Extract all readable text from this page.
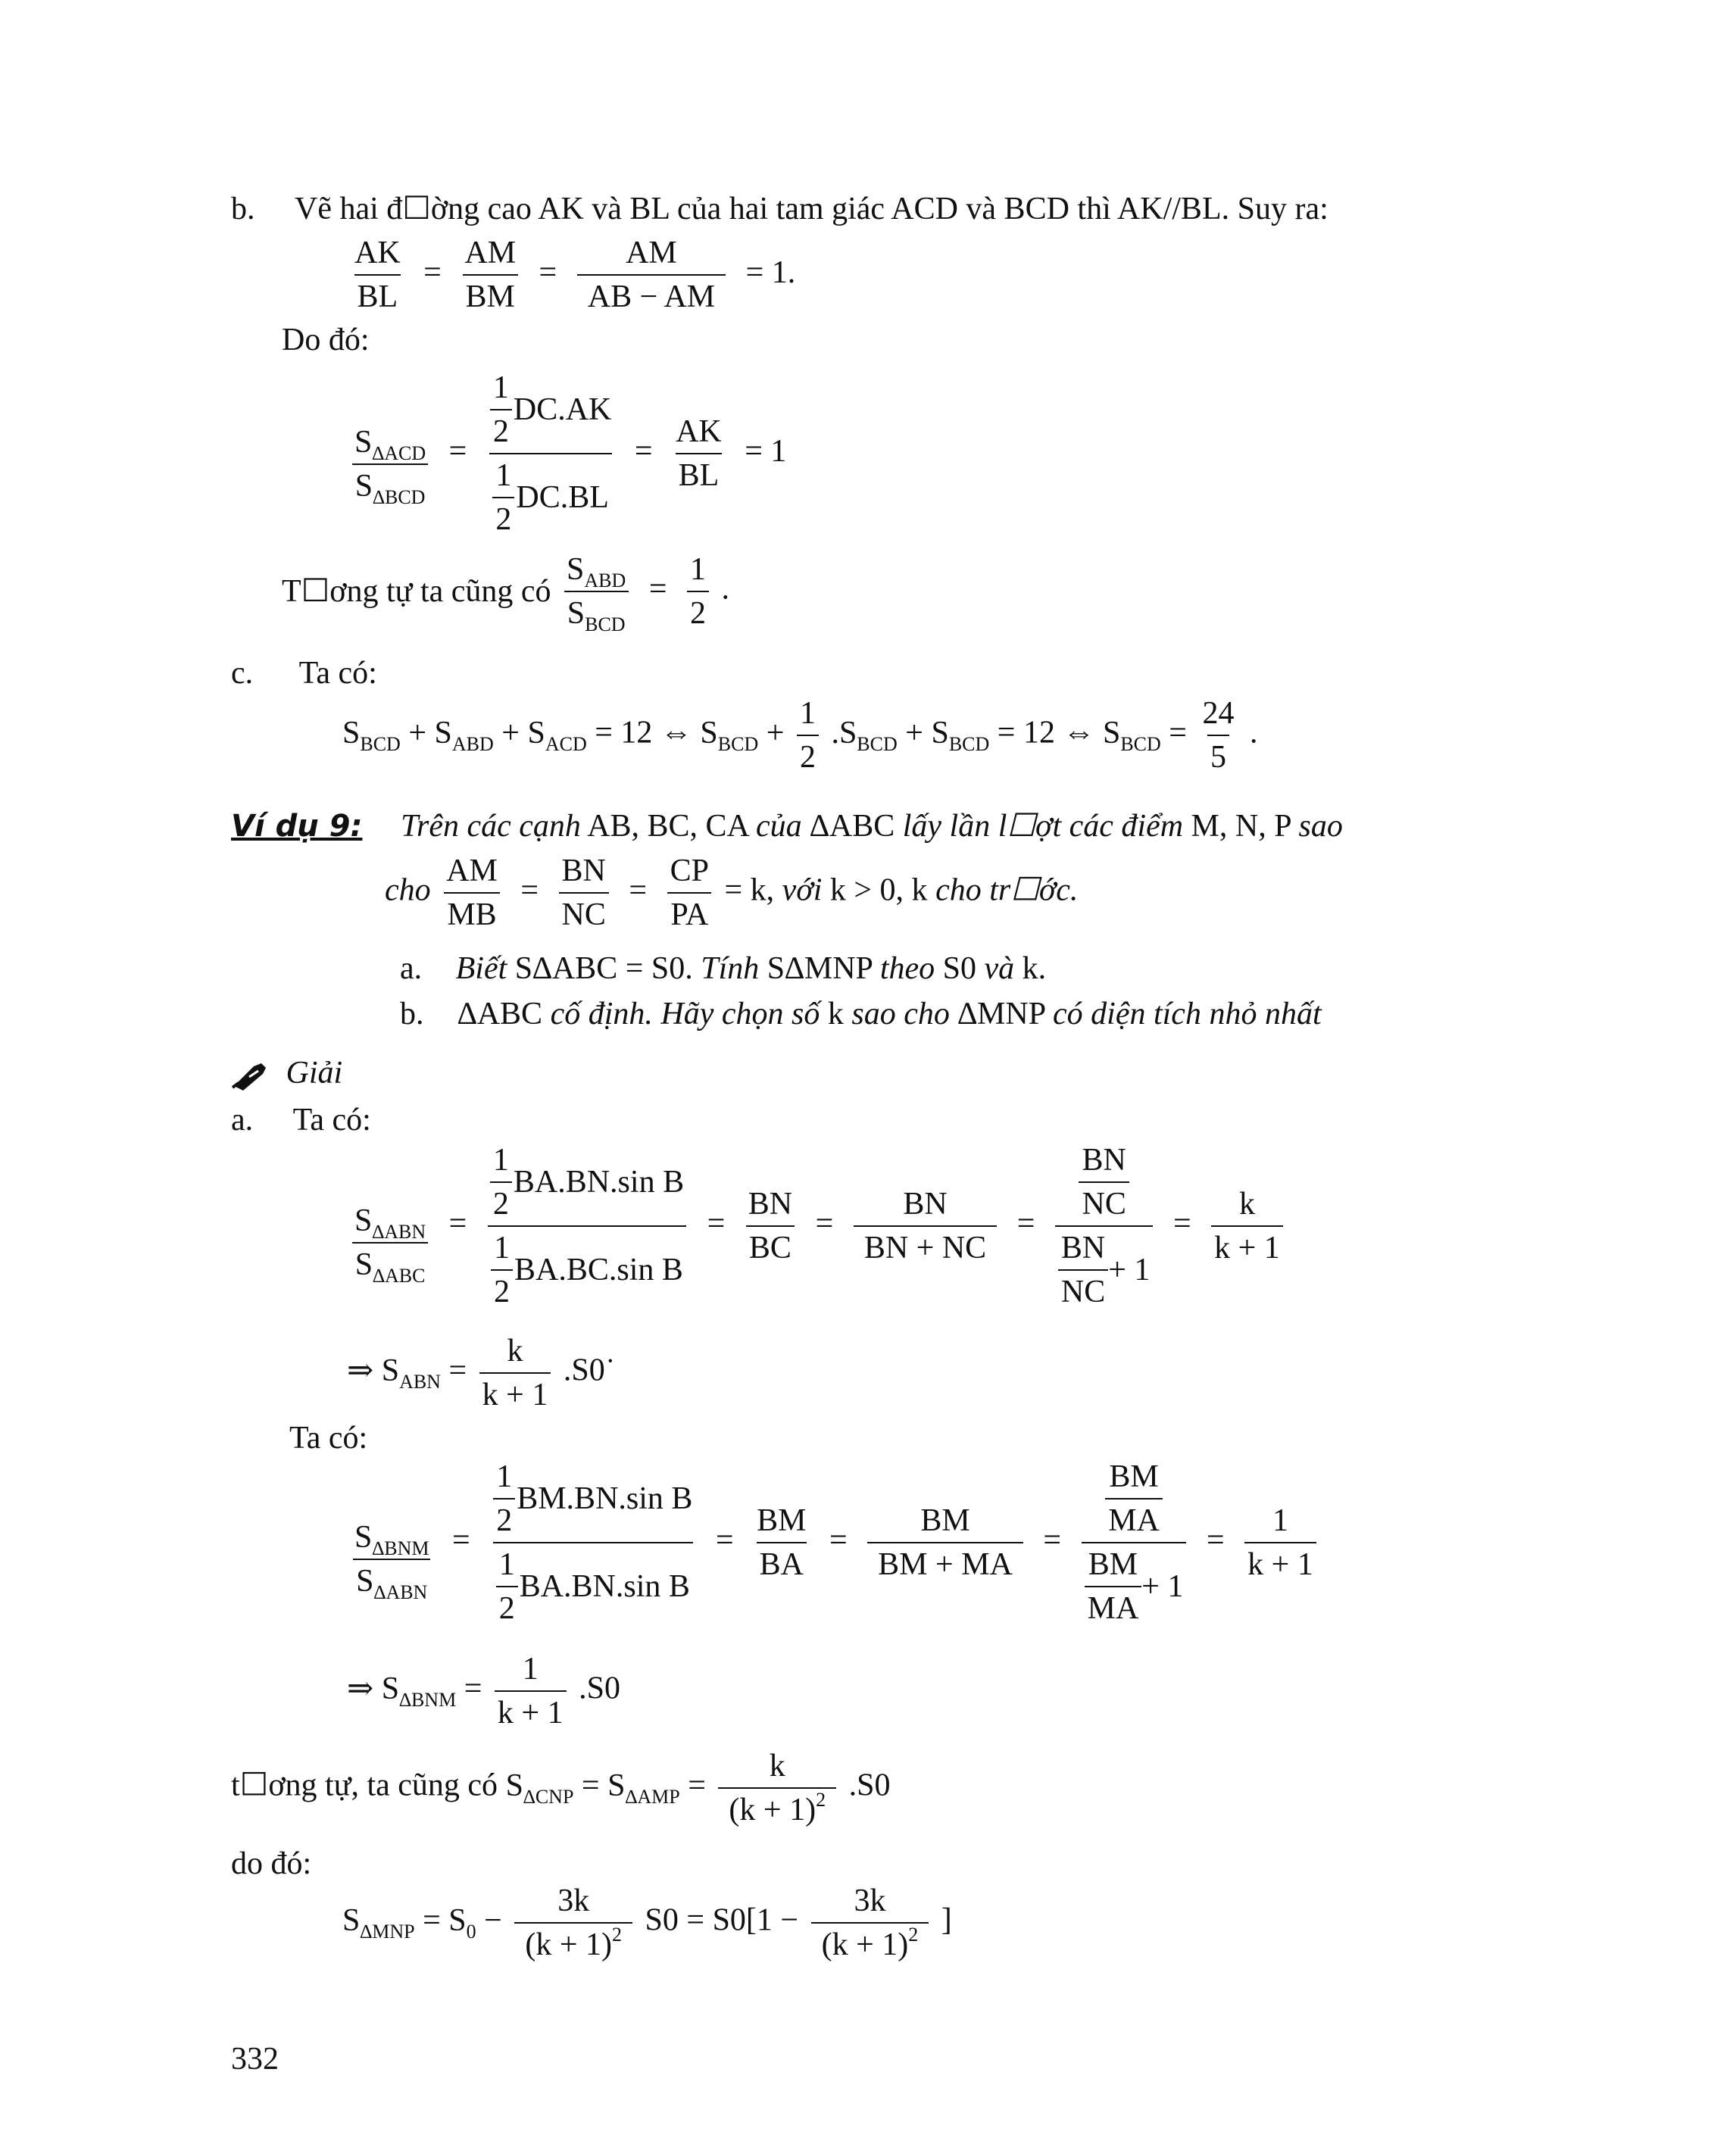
b. Vẽ hai đ☐ờng cao AK và BL của hai tam giác ACD và BCD thì AK//BL. Suy ra:
$\frac{AK}{BL} = \frac{AM}{BM} = \frac{AM}{AB - AM} = 1$.
Do đó:
$\frac{S_{\Delta ACD}}{S_{\Delta BCD}} = \frac{\frac{1}{2} DC.AK}{\frac{1}{2} DC.BL} = \frac{AK}{BL} = 1$
T☐ơng tự ta cũng có $\frac{S_{ABD}}{S_{BCD}} = \frac{1}{2}$ .
c. Ta có:
$S_{BCD} + S_{ABD} + S_{ACD} = 12$ ⇔ $S_{BCD} + \frac{1}{2} .S_{BCD} + S_{BCD} = 12$ ⇔ $S_{BCD} = \frac{24}{5}$ .
Ví dụ 9: Trên các cạnh AB, BC, CA của ∆ABC lấy lần l☐ợt các điểm M, N, P sao
cho $\frac{AM}{MB} = \frac{BN}{NC} = \frac{CP}{PA} = k$, với k > 0, k cho tr☐ớc.
a. Biết S∆ABC = S0. Tính S∆MNP theo S0 và k.
b. ∆ABC cố định. Hãy chọn số k sao cho ∆MNP có diện tích nhỏ nhất
Giải
a. Ta có:
$\frac{S_{\Delta ABN}}{S_{\Delta ABC}} = \frac{\frac{1}{2} BA.BN.\sin B}{\frac{1}{2} BA.BC.\sin B} = \frac{BN}{BC} = \frac{BN}{BN + NC} = \frac{\frac{BN}{NC}}{\frac{BN}{NC} + 1} = \frac{k}{k + 1}$
⇒ $S_{ABN} = \frac{k}{k + 1}$ .S0˙
Ta có:
$\frac{S_{\Delta BNM}}{S_{\Delta ABN}} = \frac{\frac{1}{2} BM.BN.\sin B}{\frac{1}{2} BA.BN.\sin B} = \frac{BM}{BA} = \frac{BM}{BM + MA} = \frac{\frac{BM}{MA}}{\frac{BM}{MA} + 1} = \frac{1}{k + 1}$
⇒ $S_{\Delta BNM} = \frac{1}{k + 1} .S0$
t☐ơng tự, ta cũng có $S_{\Delta CNP} = S_{\Delta AMP} = \frac{k}{(k + 1)^2} .S0$
do đó:
$S_{\Delta MNP} = S_0 - \frac{3k}{(k + 1)^2} S0 = S0[1 - \frac{3k}{(k + 1)^2}$ ]
332
